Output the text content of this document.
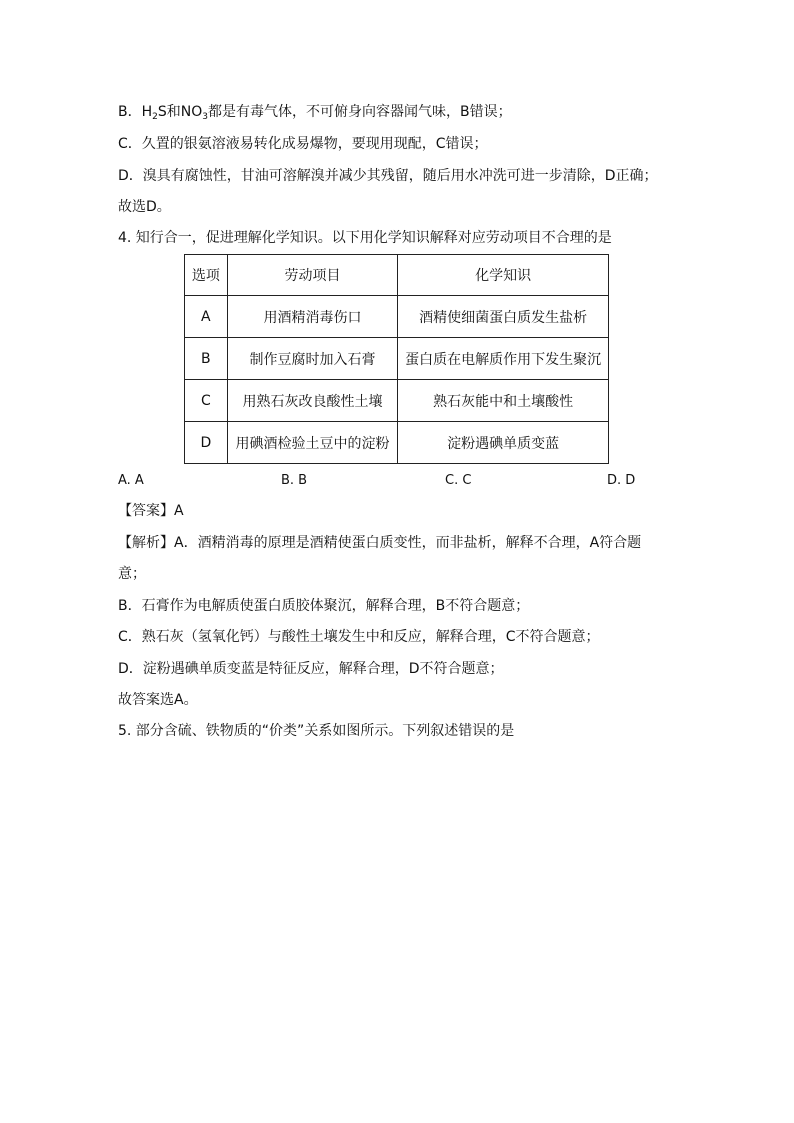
B．$H_2S$和$NO_3$都是有毒气体，不可俯身向容器闻气味，B错误；
C．久置的银氨溶液易转化成易爆物，要现用现配，C错误；
D．溴具有腐蚀性，甘油可溶解溴并减少其残留，随后用水冲洗可进一步清除，D正确；
故选D。
4. 知行合一，促进理解化学知识。以下用化学知识解释对应劳动项目不合理的是
选项	劳动项目	化学知识
A	用酒精消毒伤口	酒精使细菌蛋白质发生盐析
B	制作豆腐时加入石膏	蛋白质在电解质作用下发生聚沉
C	用熟石灰改良酸性土壤	熟石灰能中和土壤酸性
D	用碘酒检验土豆中的淀粉	淀粉遇碘单质变蓝
A. A	B. B	C. C	D. D
【答案】A
【解析】A．酒精消毒的原理是酒精使蛋白质变性，而非盐析，解释不合理，A符合题
意；
B．石膏作为电解质使蛋白质胶体聚沉，解释合理，B不符合题意；
C．熟石灰（氢氧化钙）与酸性土壤发生中和反应，解释合理，C不符合题意；
D．淀粉遇碘单质变蓝是特征反应，解释合理，D不符合题意；
故答案选A。
5. 部分含硫、铁物质的“价类”关系如图所示。下列叙述错误的是
